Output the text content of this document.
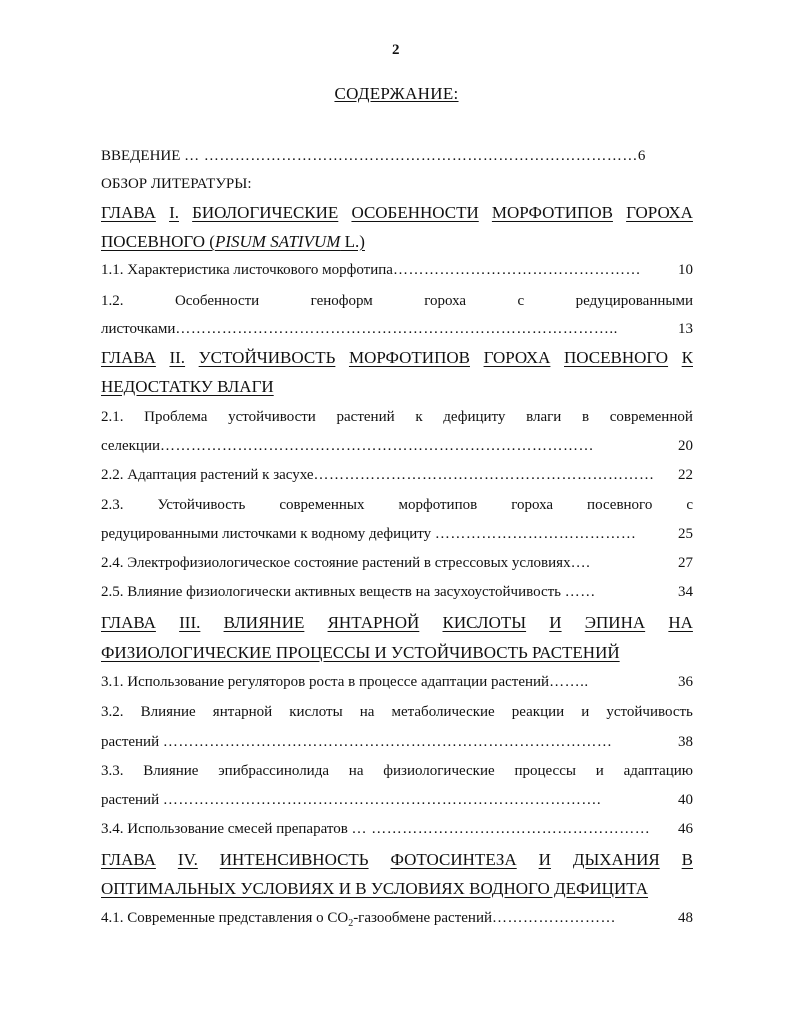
2
СОДЕРЖАНИЕ:
ВВЕДЕНИЕ … …………………………………………………………………………6
ОБЗОР ЛИТЕРАТУРЫ:
ГЛАВА I. БИОЛОГИЧЕСКИЕ ОСОБЕННОСТИ МОРФОТИПОВ ГОРОХА
ПОСЕВНОГО (PISUM SATIVUM L.)
1.1. Характеристика листочкового морфотипа………………………………………… 10
1.2.	Особенности	геноформ	гороха	с	редуцированными
листочками…………………………………………………………………………..	13
ГЛАВА II. УСТОЙЧИВОСТЬ МОРФОТИПОВ ГОРОХА ПОСЕВНОГО К
НЕДОСТАТКУ ВЛАГИ
2.1. Проблема устойчивости растений к дефициту влаги в современной
селекции…………………………………………………………………………	20
2.2. Адаптация растений к засухе………………………………………………………… 22
2.3. Устойчивость современных морфотипов гороха посевного с
редуцированными листочками к водному дефициту …………………………………	25
2.4. Электрофизиологическое состояние растений в стрессовых условиях….	27
2.5. Влияние физиологически активных веществ на засухоустойчивость ……	34
ГЛАВА III. ВЛИЯНИЕ ЯНТАРНОЙ КИСЛОТЫ И ЭПИНА НА
ФИЗИОЛОГИЧЕСКИЕ ПРОЦЕССЫ И УСТОЙЧИВОСТЬ РАСТЕНИЙ
3.1. Использование регуляторов роста в процессе адаптации растений……..	36
3.2. Влияние янтарной кислоты на метаболические реакции и устойчивость
растений ……………………………………………………………………………	38
3.3. Влияние эпибрассинолида на физиологические процессы и адаптацию
растений ………………………………………………………………………….	40
3.4. Использование смесей препаратов … ……………………………………………… 46
ГЛАВА IV. ИНТЕНСИВНОСТЬ ФОТОСИНТЕЗА И ДЫХАНИЯ В
ОПТИМАЛЬНЫХ УСЛОВИЯХ И В УСЛОВИЯХ ВОДНОГО ДЕФИЦИТА
4.1. Современные представления о $СО_2$-газообмене растений……………………	48
